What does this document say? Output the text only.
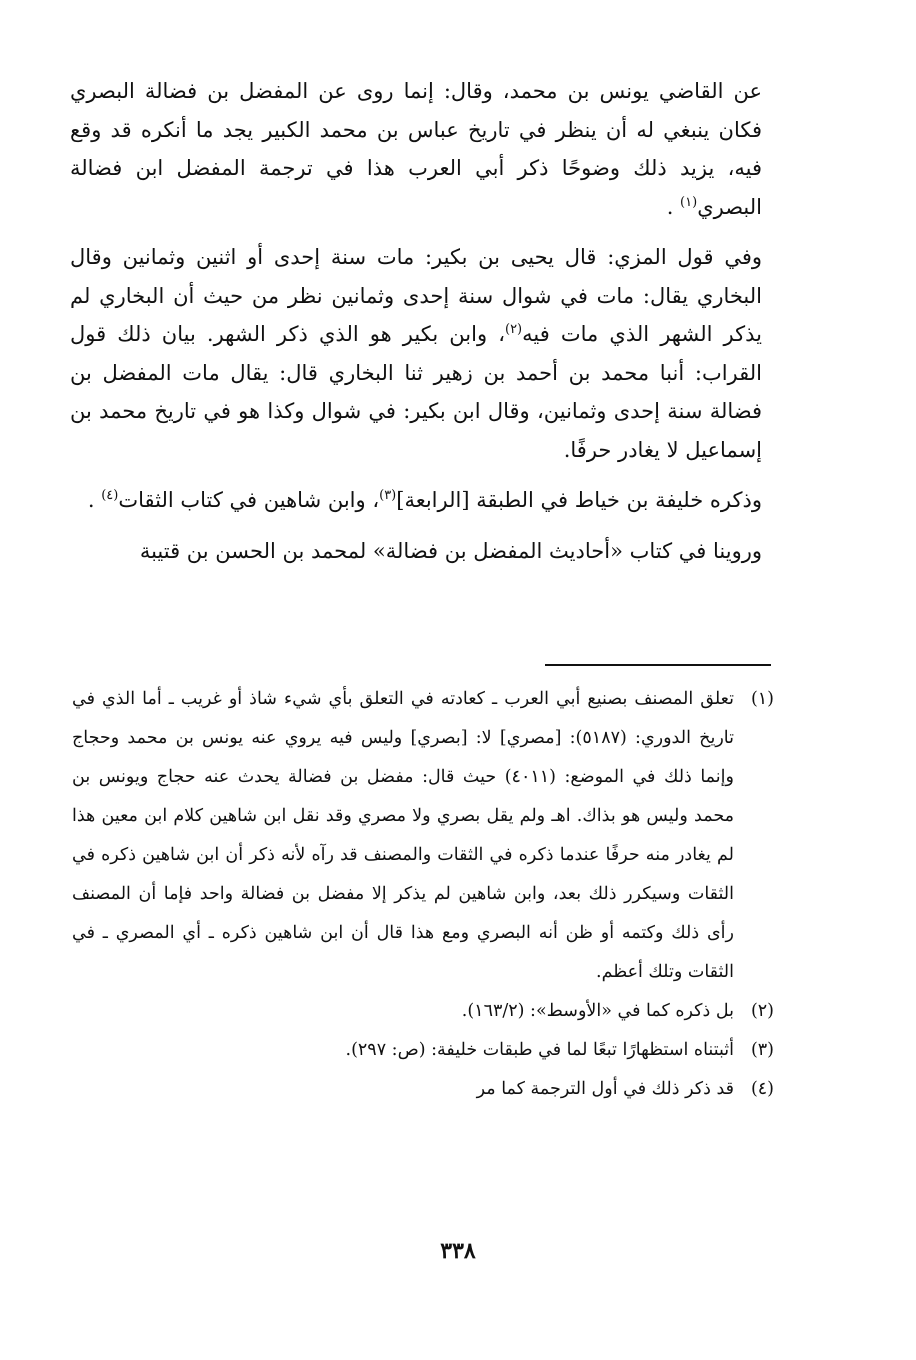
عن القاضي يونس بن محمد، وقال: إنما روى عن المفضل بن فضالة البصري فكان ينبغي له أن ينظر في تاريخ عباس بن محمد الكبير يجد ما أنكره قد وقع فيه، يزيد ذلك وضوحًا ذكر أبي العرب هذا في ترجمة المفضل ابن فضالة البصري$^{(١)}$ .

وفي قول المزي: قال يحيى بن بكير: مات سنة إحدى أو اثنين وثمانين وقال البخاري يقال: مات في شوال سنة إحدى وثمانين نظر من حيث أن البخاري لم يذكر الشهر الذي مات فيه$^{(٢)}$، وابن بكير هو الذي ذكر الشهر. بيان ذلك قول القراب: أنبا محمد بن أحمد بن زهير ثنا البخاري قال: يقال مات المفضل بن فضالة سنة إحدى وثمانين، وقال ابن بكير: في شوال وكذا هو في تاريخ محمد بن إسماعيل لا يغادر حرفًا.

وذكره خليفة بن خياط في الطبقة [الرابعة]$^{(٣)}$، وابن شاهين في كتاب الثقات$^{(٤)}$ .

وروينا في كتاب «أحاديث المفضل بن فضالة» لمحمد بن الحسن بن قتيبة

(١)
تعلق المصنف بصنيع أبي العرب ـ كعادته في التعلق بأي شيء شاذ أو غريب ـ أما الذي في تاريخ الدوري: (٥١٨٧): [مصري] لا: [بصري] وليس فيه يروي عنه يونس بن محمد وحجاج وإنما ذلك في الموضع: (٤٠١١) حيث قال: مفضل بن فضالة يحدث عنه حجاج ويونس بن محمد وليس هو بذاك. اهـ ولم يقل بصري ولا مصري وقد نقل ابن شاهين كلام ابن معين هذا لم يغادر منه حرفًا عندما ذكره في الثقات والمصنف قد رآه لأنه ذكر أن ابن شاهين ذكره في الثقات وسيكرر ذلك بعد، وابن شاهين لم يذكر إلا مفضل بن فضالة واحد فإما أن المصنف رأى ذلك وكتمه أو ظن أنه البصري ومع هذا قال أن ابن شاهين ذكره ـ أي المصري ـ في الثقات وتلك أعظم.
(٢)
بل ذكره كما في «الأوسط»: (١٦٣/٢).
(٣)
أثبتناه استظهارًا تبعًا لما في طبقات خليفة: (ص: ٢٩٧).
(٤)
قد ذكر ذلك في أول الترجمة كما مر
٣٣٨
